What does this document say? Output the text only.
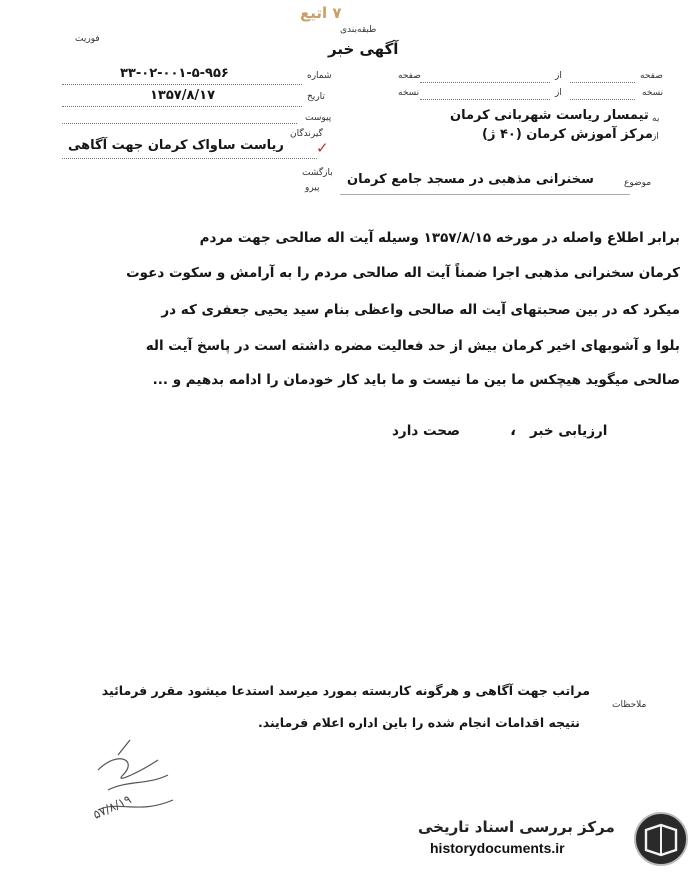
۷ اتیع
طبقه‌بندی
فوریت
آگهی خبر
صفحه
نسخه
از
از
صفحه
نسخه
شماره
تاریخ
۳۳-۰۲-۰۰۱-۵-۹۵۶
۱۳۵۷/۸/۱۷
به
تیمسار ریاست شهربانی کرمان
از
مرکز آموزش کرمان (۴۰ ژ)
پیوست
گیرندگان
✓
ریاست ساواک کرمان جهت آگاهی
بازگشت
پیرو	موضوع
سخنرانی مذهبی در مسجد جامع کرمان
برابر اطلاع واصله در مورخه ۱۳۵۷/۸/۱۵ وسیله آیت اله صالحی جهت مردم
کرمان سخنرانی مذهبی اجرا ضمناً آیت اله صالحی مردم را به آرامش و سکوت دعوت
میکرد که در بین صحبتهای آیت اله صالحی واعظی بنام سید یحیی جعفری که در
بلوا و آشوبهای اخیر کرمان بیش از حد فعالیت مضره داشته است در پاسخ آیت اله
صالحی میگوید هیچکس ما بین ما نیست و ما باید کار خودمان را ادامه بدهیم و ...
ارزیابی خبر
،
صحت دارد
ملاحظات
مراتب جهت آگاهی و هرگونه کاربسته بمورد میرسد استدعا میشود مقرر فرمائید
نتیجه اقدامات انجام شده را باین اداره اعلام فرمایند.
۵۷/۸/۱۹
مرکز بررسی اسناد تاریخی
historydocuments.ir
